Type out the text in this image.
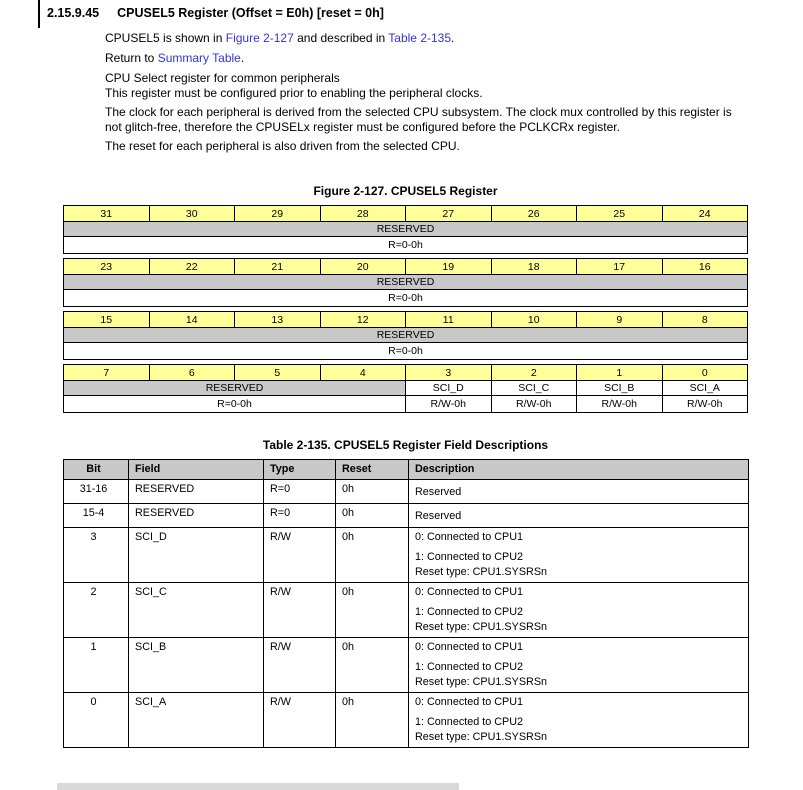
2.15.9.45 CPUSEL5 Register (Offset = E0h) [reset = 0h]
CPUSEL5 is shown in Figure 2-127 and described in Table 2-135.
Return to Summary Table.
CPU Select register for common peripherals
This register must be configured prior to enabling the peripheral clocks.
The clock for each peripheral is derived from the selected CPU subsystem. The clock mux controlled by this register is not glitch-free, therefore the CPUSELx register must be configured before the PCLKCRx register.
The reset for each peripheral is also driven from the selected CPU.
Figure 2-127. CPUSEL5 Register
31	30	29	28	27	26	25	24
RESERVED
R=0-0h
23	22	21	20	19	18	17	16
RESERVED
R=0-0h
15	14	13	12	11	10	9	8
RESERVED
R=0-0h
7	6	5	4	3	2	1	0
RESERVED				SCI_D	SCI_C	SCI_B	SCI_A
R=0-0h				R/W-0h	R/W-0h	R/W-0h	R/W-0h
Table 2-135. CPUSEL5 Register Field Descriptions
Bit	Field	Type	Reset	Description
31-16	RESERVED	R=0	0h	Reserved

15-4	RESERVED	R=0	0h	Reserved

3	SCI_D	R/W	0h	0: Connected to CPU1
1: Connected to CPU2
Reset type: CPU1.SYSRSn

2	SCI_C	R/W	0h	0: Connected to CPU1
1: Connected to CPU2
Reset type: CPU1.SYSRSn

1	SCI_B	R/W	0h	0: Connected to CPU1
1: Connected to CPU2
Reset type: CPU1.SYSRSn

0	SCI_A	R/W	0h	0: Connected to CPU1
1: Connected to CPU2
Reset type: CPU1.SYSRSn
